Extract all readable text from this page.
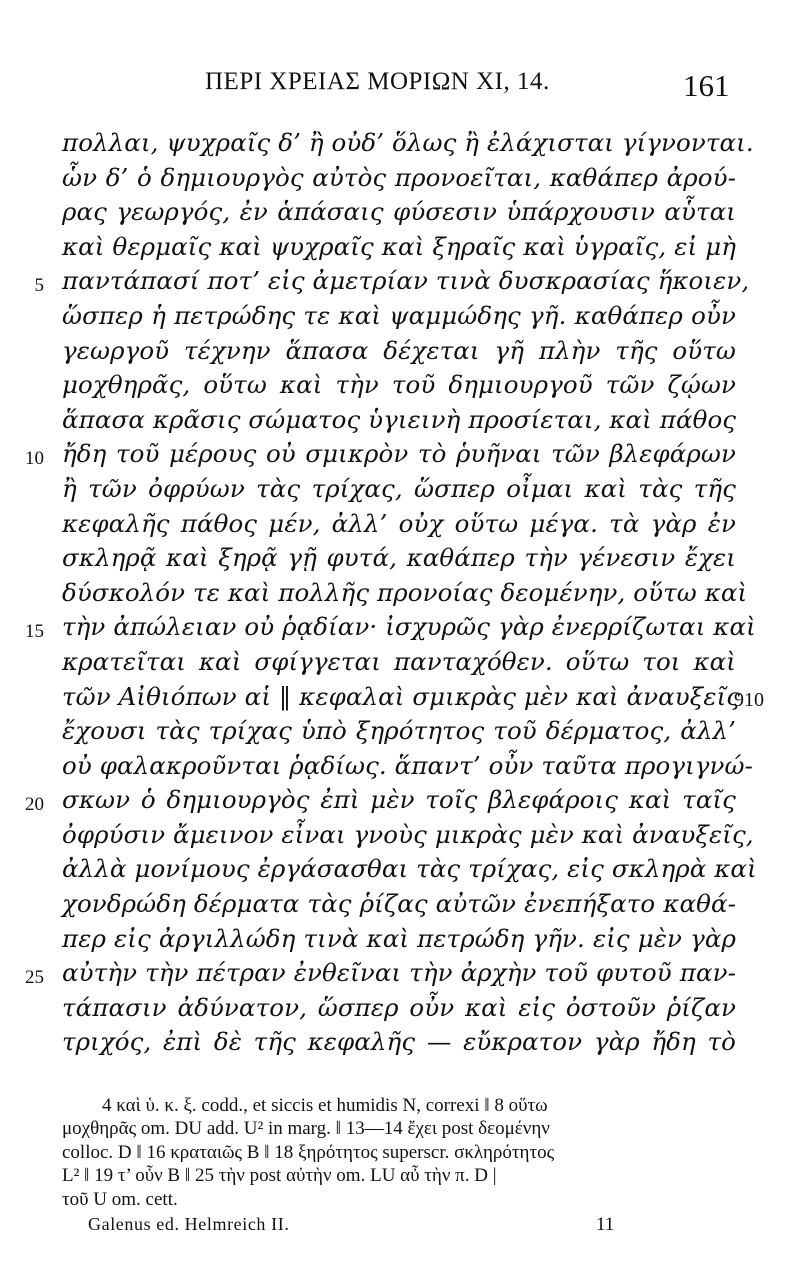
ΠΕΡΙ ΧΡΕΙΑΣ ΜΟΡΙΩΝ XI, 14.	161
πολλαι, ψυχραῖς δ’ ἢ οὐδ’ ὅλως ἢ ἐλάχισται γίγνονται.
ὧν δ’ ὁ δημιουργὸς αὐτὸς προνοεῖται, καθάπερ ἀρού-
ρας γεωργός, ἐν ἁπάσαις φύσεσιν ὑπάρχουσιν αὗται
καὶ θερμαῖς καὶ ψυχραῖς καὶ ξηραῖς καὶ ὑγραῖς, εἰ μὴ
5 παντάπασί ποτ’ εἰς ἀμετρίαν τινὰ δυσκρασίας ἥκοιεν,
ὥσπερ ἡ πετρώδης τε καὶ ψαμμώδης γῆ. καθάπερ οὖν
γεωργοῦ τέχνην ἅπασα δέχεται γῆ πλὴν τῆς οὕτω
μοχθηρᾶς, οὕτω καὶ τὴν τοῦ δημιουργοῦ τῶν ζῴων
ἅπασα κρᾶσις σώματος ὑγιεινὴ προσίεται, καὶ πάθος
10 ἤδη τοῦ μέρους οὐ σμικρὸν τὸ ῥυῆναι τῶν βλεφάρων
ἢ τῶν ὀφρύων τὰς τρίχας, ὥσπερ οἶμαι καὶ τὰς τῆς
κεφαλῆς πάθος μέν, ἀλλ’ οὐχ οὕτω μέγα. τὰ γὰρ ἐν
σκληρᾷ καὶ ξηρᾷ γῇ φυτά, καθάπερ τὴν γένεσιν ἔχει
δύσκολόν τε καὶ πολλῆς προνοίας δεομένην, οὕτω καὶ
15 τὴν ἀπώλειαν οὐ ῥᾳδίαν· ἰσχυρῶς γὰρ ἐνερρίζωται καὶ
κρατεῖται καὶ σφίγγεται πανταχόθεν. οὕτω τοι καὶ
τῶν Αἰθιόπων αἱ ‖ κεφαλαὶ σμικρὰς μὲν καὶ ἀναυξεῖς
910
ἔχουσι τὰς τρίχας ὑπὸ ξηρότητος τοῦ δέρματος, ἀλλ’
οὐ φαλακροῦνται ῥᾳδίως. ἅπαντ’ οὖν ταῦτα προγιγνώ-
20 σκων ὁ δημιουργὸς ἐπὶ μὲν τοῖς βλεφάροις καὶ ταῖς
ὀφρύσιν ἄμεινον εἶναι γνοὺς μικρὰς μὲν καὶ ἀναυξεῖς,
ἀλλὰ μονίμους ἐργάσασθαι τὰς τρίχας, εἰς σκληρὰ καὶ
χονδρώδη δέρματα τὰς ῥίζας αὐτῶν ἐνεπήξατο καθά-
περ εἰς ἀργιλλώδη τινὰ καὶ πετρώδη γῆν. εἰς μὲν γὰρ
25 αὐτὴν τὴν πέτραν ἐνθεῖναι τὴν ἀρχὴν τοῦ φυτοῦ παν-
τάπασιν ἀδύνατον, ὥσπερ οὖν καὶ εἰς ὀστοῦν ῥίζαν
τριχός, ἐπὶ δὲ τῆς κεφαλῆς — εὔκρατον γὰρ ἤδη τὸ
4 καὶ ὑ. κ. ξ. codd., et siccis et humidis N, correxi ‖ 8 οὕτω
μοχθηρᾶς om. DU add. U² in marg. ‖ 13—14 ἔχει post δεομένην
colloc. D ‖ 16 κραταιῶς B ‖ 18 ξηρότητος superscr. σκληρότητος
L² ‖ 19 τ’ οὖν B ‖ 25 τὴν post αὐτὴν om. LU αὖ τὴν π. D |
τοῦ U om. cett.
Galenus ed. Helmreich II.	11
